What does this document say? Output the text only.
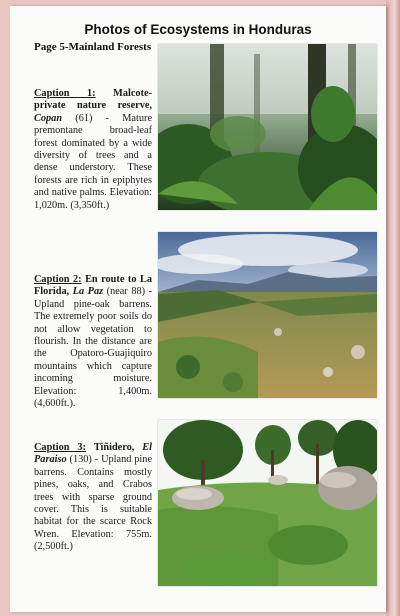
Photos of Ecosystems in Honduras
Page 5-Mainland Forests
Caption 1: Malcote-private nature reserve, Copan (61) - Mature premontane broad-leaf forest dominated by a wide diversity of trees and a dense understory. These forests are rich in epiphytes and native palms. Elevation: 1,020m. (3,350ft.)
Caption 2: En route to La Florida, La Paz (near 88) - Upland pine-oak barrens. The extremely poor soils do not allow vegetation to flourish. In the distance are the Opatoro-Guajiquiro mountains which capture incoming moisture. Elevation: 1,400m. (4,600ft.).
Caption 3: Tiñidero, El Paraiso (130) - Upland pine barrens. Contains mostly pines, oaks, and Crabos trees with sparse ground cover. This is suitable habitat for the scarce Rock Wren. Elevation: 755m. (2,500ft.)
